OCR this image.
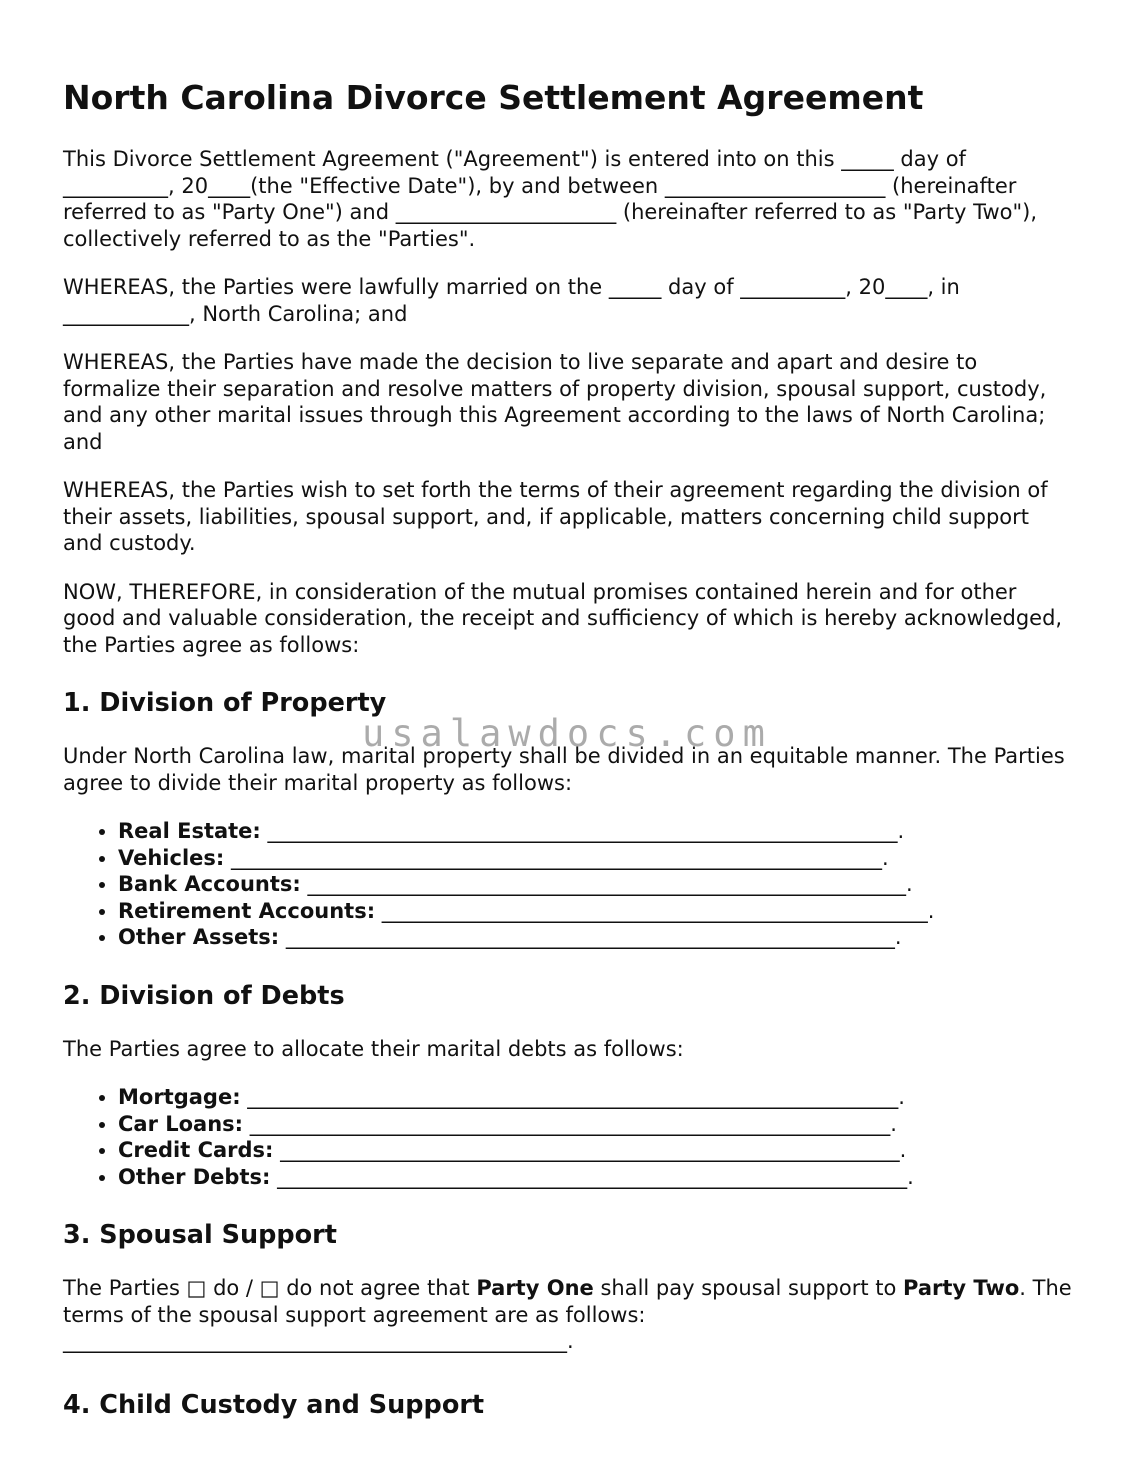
usalawdocs.com
North Carolina Divorce Settlement Agreement

This Divorce Settlement Agreement ("Agreement") is entered into on this _____ day of __________, 20____(the "Effective Date"), by and between _____________________ (hereinafter referred to as "Party One") and _____________________ (hereinafter referred to as "Party Two"), collectively referred to as the "Parties".

WHEREAS, the Parties were lawfully married on the _____ day of __________, 20____, in ____________, North Carolina; and

WHEREAS, the Parties have made the decision to live separate and apart and desire to formalize their separation and resolve matters of property division, spousal support, custody, and any other marital issues through this Agreement according to the laws of North Carolina; and

WHEREAS, the Parties wish to set forth the terms of their agreement regarding the division of their assets, liabilities, spousal support, and, if applicable, matters concerning child support and custody.

NOW, THEREFORE, in consideration of the mutual promises contained herein and for other good and valuable consideration, the receipt and sufficiency of which is hereby acknowledged, the Parties agree as follows:

1. Division of Property

Under North Carolina law, marital property shall be divided in an equitable manner. The Parties agree to divide their marital property as follows:

• Real Estate: ____________________________________________________________.
• Vehicles: ______________________________________________________________.
• Bank Accounts: _________________________________________________________.
• Retirement Accounts: ____________________________________________________.
• Other Assets: __________________________________________________________.
2. Division of Debts

The Parties agree to allocate their marital debts as follows:

• Mortgage: ______________________________________________________________.
• Car Loans: _____________________________________________________________.
• Credit Cards: ___________________________________________________________.
• Other Debts: ____________________________________________________________.
3. Spousal Support

The Parties □ do / □ do not agree that Party One shall pay spousal support to Party Two. The terms of the spousal support agreement are as follows: ________________________________________________.

4. Child Custody and Support
